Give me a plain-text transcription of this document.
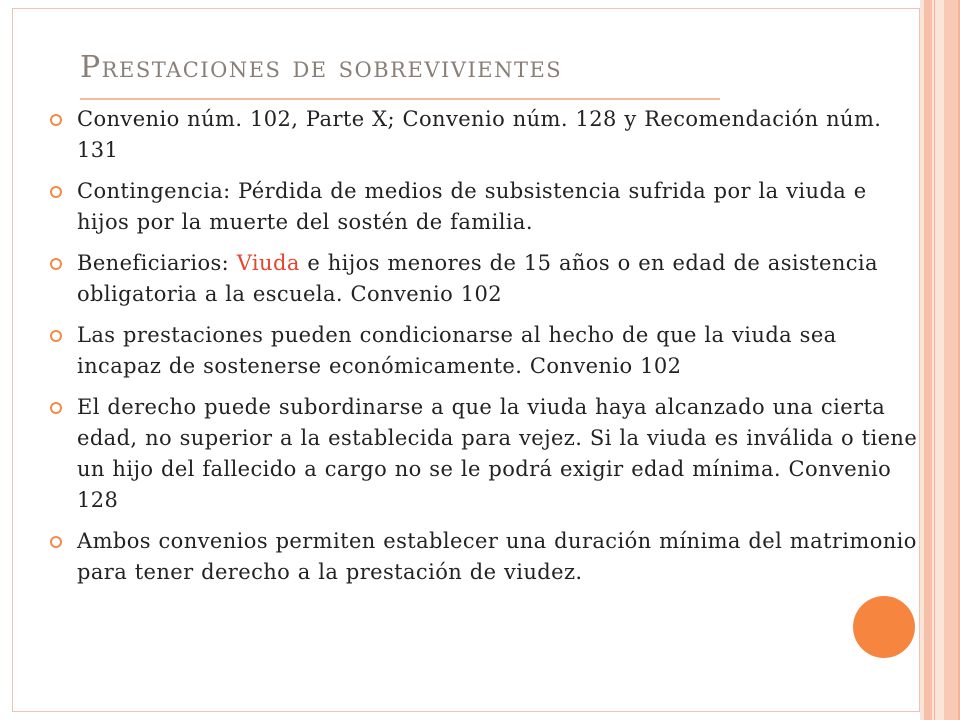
Prestaciones de sobrevivientes
Convenio núm. 102, Parte X; Convenio núm. 128 y Recomendación núm. 131
Contingencia: Pérdida de medios de subsistencia sufrida por la viuda e hijos por la muerte del sostén de familia.
Beneficiarios: Viuda e hijos menores de 15 años o en edad de asistencia obligatoria a la escuela. Convenio 102
Las prestaciones pueden condicionarse al hecho de que la viuda sea incapaz de sostenerse económicamente. Convenio 102
El derecho puede subordinarse a que la viuda haya alcanzado una cierta edad, no superior a la establecida para vejez. Si la viuda es inválida o tiene un hijo del fallecido a cargo no se le podrá exigir edad mínima. Convenio 128
Ambos convenios permiten establecer una duración mínima del matrimonio para tener derecho a la prestación de viudez.
